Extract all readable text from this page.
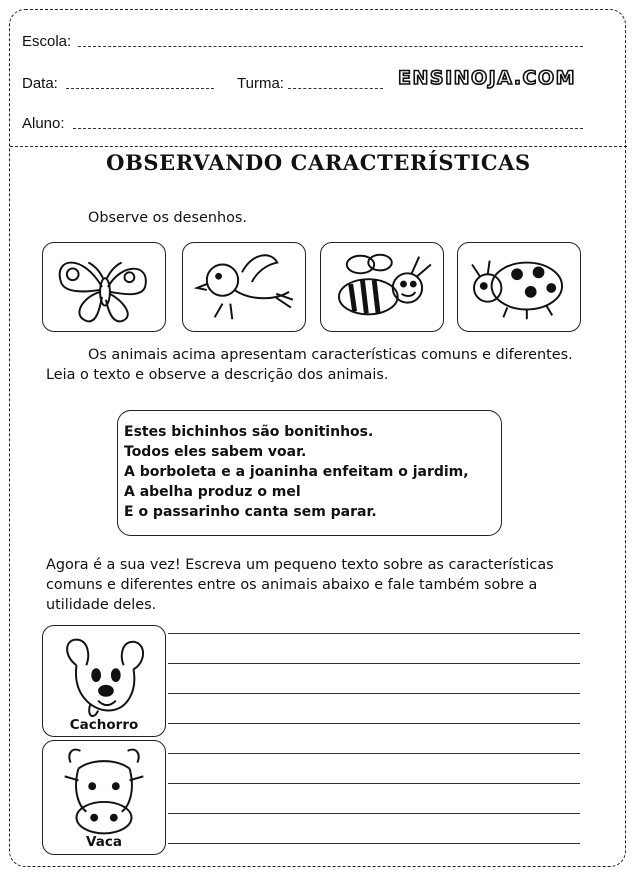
Escola:
Data:	Turma:	ENSINOJA.COM
Aluno:
OBSERVANDO CARACTERÍSTICAS
Observe os desenhos.
Os animais acima apresentam características comuns e diferentes.
Leia o texto e observe a descrição dos animais.
Estes bichinhos são bonitinhos.
Todos eles sabem voar.
A borboleta e a joaninha enfeitam o jardim,
A abelha produz o mel
E o passarinho canta sem parar.
Agora é a sua vez! Escreva um pequeno texto sobre as características
comuns e diferentes entre os animais abaixo e fale também sobre a
utilidade deles.
Cachorro
Vaca
